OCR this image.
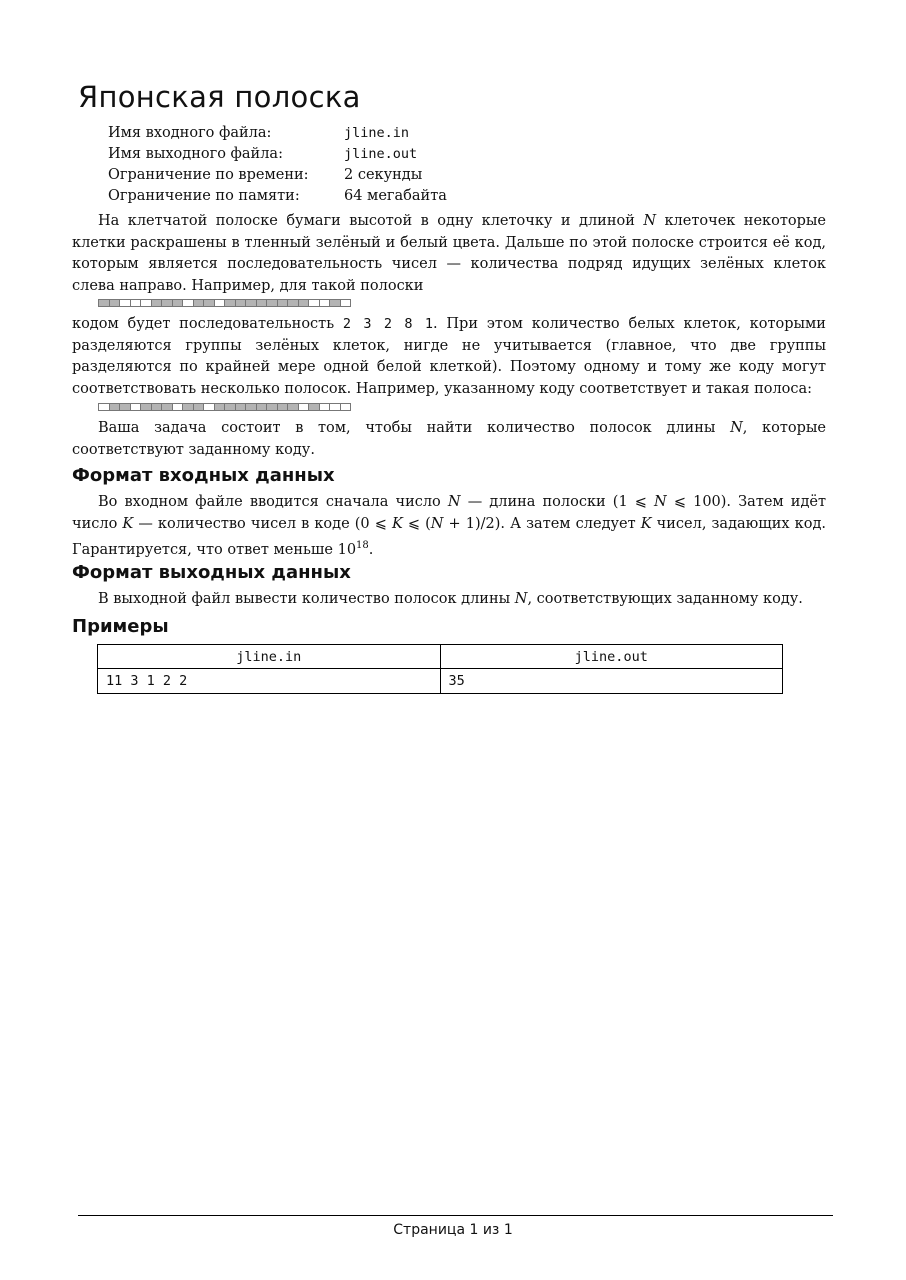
Японская полоска
Имя входного файла:	jline.in
Имя выходного файла:	jline.out
Ограничение по времени:	2 секунды
Ограничение по памяти:	64 мегабайта

На клетчатой полоске бумаги высотой в одну клеточку и длиной N клеточек некоторые клетки раскрашены в тленный зелёный и белый цвета. Дальше по этой полоске строится её код, которым является последовательность чисел — количества подряд идущих зелёных клеток слева направо. Например, для такой полоски

кодом будет последовательность 2 3 2 8 1. При этом количество белых клеток, которыми разделяются группы зелёных клеток, нигде не учитывается (главное, что две группы разделяются по крайней мере одной белой клеткой). Поэтому одному и тому же коду могут соответствовать несколько полосок. Например, указанному коду соответствует и такая полоса:

Ваша задача состоит в том, чтобы найти количество полосок длины N, которые соответствуют заданному коду.

Формат входных данных

Во входном файле вводится сначала число N — длина полоски (1 ⩽ N ⩽ 100). Затем идёт число K — количество чисел в коде (0 ⩽ K ⩽ (N + 1)/2). А затем следует K чисел, задающих код. Гарантируется, что ответ меньше $10^{18}$.

Формат выходных данных

В выходной файл вывести количество полосок длины N, соответствующих заданному коду.

Примеры
jline.in	jline.out
11 3 1 2 2	35
Страница 1 из 1
